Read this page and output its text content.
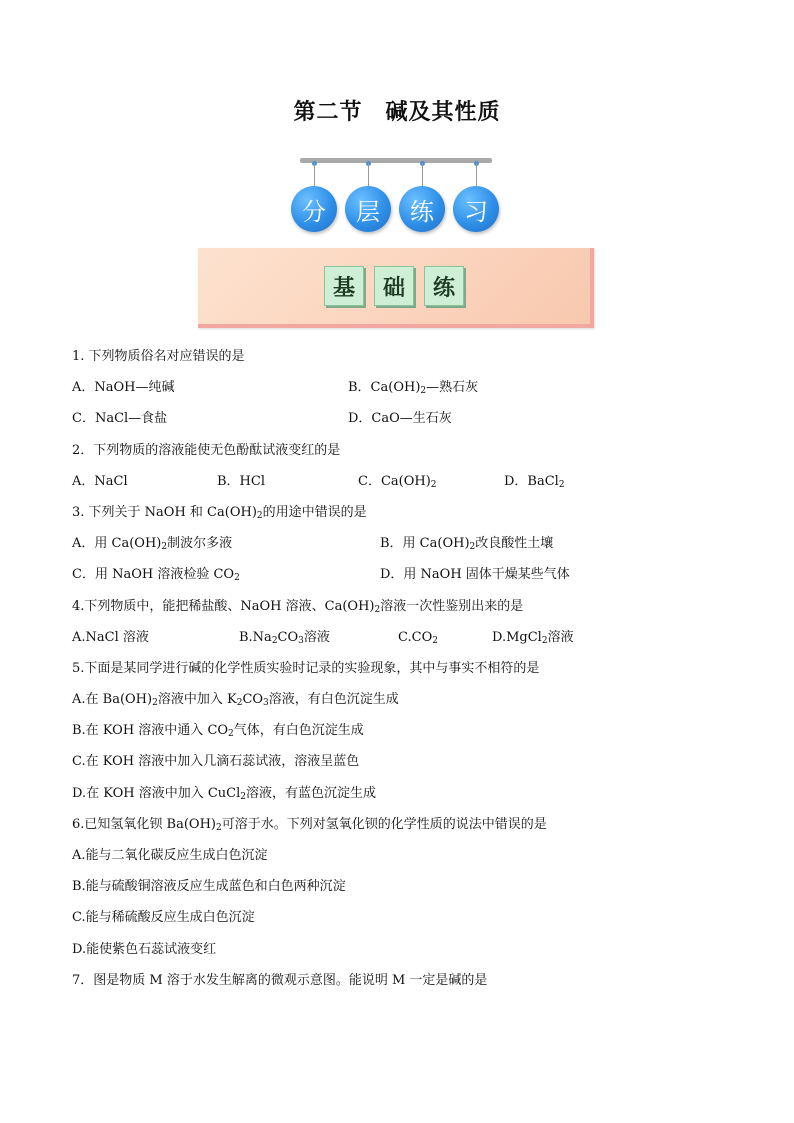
第二节　碱及其性质
分	层	练	习
基	础	练
1. 下列物质俗名对应错误的是
A．NaOH—纯碱	B．$Ca(OH)_2—$熟石灰
C．NaCl—食盐	D．CaO—生石灰
2．下列物质的溶液能使无色酚酞试液变红的是
A．NaCl	B．HCl	C．$Ca(OH)_2$	D．BaCl$_2$
3. 下列关于 NaOH 和 $Ca(OH)_2$的用途中错误的是
A．用 $Ca(OH)_2$制波尔多液	B．用 $Ca(OH)_2$改良酸性土壤
C．用 NaOH 溶液检验 $CO_2$	D．用 NaOH 固体干燥某些气体
4.下列物质中，能把稀盐酸、NaOH 溶液、$Ca(OH)_2$溶液一次性鉴别出来的是
A.NaCl 溶液	$B.Na_2CO_3$溶液	$C.CO_2$	D.MgCl$_2$溶液
5.下面是某同学进行碱的化学性质实验时记录的实验现象，其中与事实不相符的是
A.在 $Ba(OH)_2$溶液中加入 $K_2CO_3$溶液，有白色沉淀生成
B.在 KOH 溶液中通入 $CO_2$气体，有白色沉淀生成
C.在 KOH 溶液中加入几滴石蕊试液，溶液呈蓝色
D.在 KOH 溶液中加入 CuCl$_2$溶液，有蓝色沉淀生成
6.已知氢氧化钡 $Ba(OH)_2$可溶于水。下列对氢氧化钡的化学性质的说法中错误的是
A.能与二氧化碳反应生成白色沉淀
B.能与硫酸铜溶液反应生成蓝色和白色两种沉淀
C.能与稀硫酸反应生成白色沉淀
D.能使紫色石蕊试液变红
7．图是物质 M 溶于水发生解离的微观示意图。能说明 M 一定是碱的是
